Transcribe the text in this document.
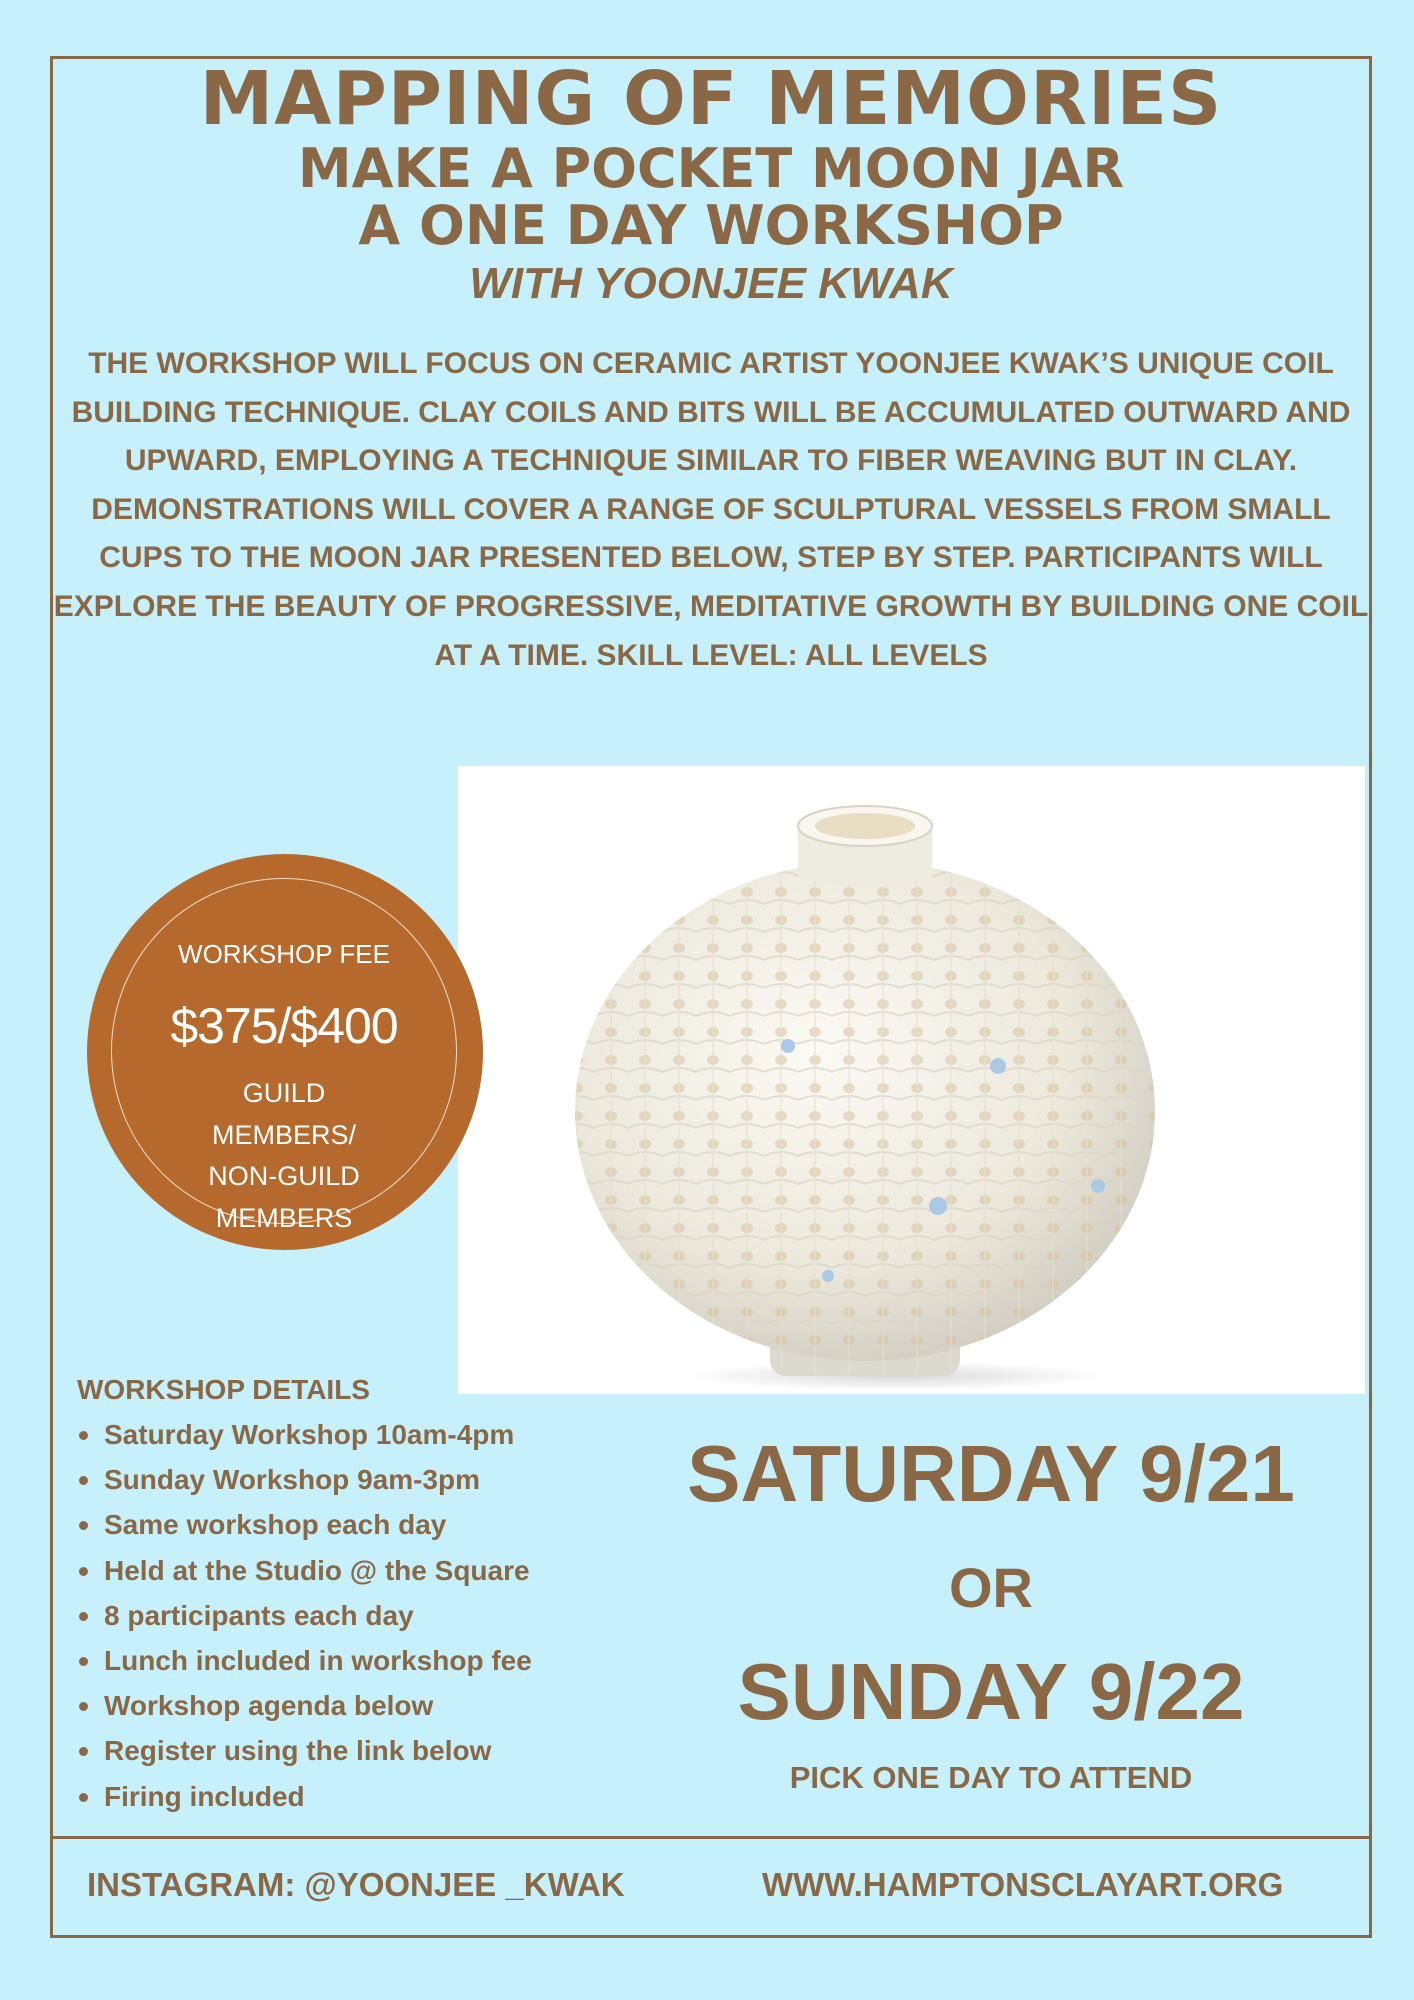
MAPPING OF MEMORIES
MAKE A POCKET MOON JAR
A ONE DAY WORKSHOP
WITH YOONJEE KWAK

THE WORKSHOP WILL FOCUS ON CERAMIC ARTIST YOONJEE KWAK’S UNIQUE COIL BUILDING TECHNIQUE. CLAY COILS AND BITS WILL BE ACCUMULATED OUTWARD AND UPWARD, EMPLOYING A TECHNIQUE SIMILAR TO FIBER WEAVING BUT IN CLAY. DEMONSTRATIONS WILL COVER A RANGE OF SCULPTURAL VESSELS FROM SMALL CUPS TO THE MOON JAR PRESENTED BELOW, STEP BY STEP. PARTICIPANTS WILL EXPLORE THE BEAUTY OF PROGRESSIVE, MEDITATIVE GROWTH BY BUILDING ONE COIL AT A TIME. SKILL LEVEL: ALL LEVELS

WORKSHOP FEE

$375/$400

GUILD
MEMBERS/
NON-GUILD
MEMBERS

WORKSHOP DETAILS
Saturday Workshop 10am-4pm
Sunday Workshop 9am-3pm
Same workshop each day
Held at the Studio @ the Square
8 participants each day
Lunch included in workshop fee
Workshop agenda below
Register using the link below
Firing included

SATURDAY 9/21

OR

SUNDAY 9/22

PICK ONE DAY TO ATTEND

INSTAGRAM: @YOONJEE _KWAK	WWW.HAMPTONSCLAYART.ORG
